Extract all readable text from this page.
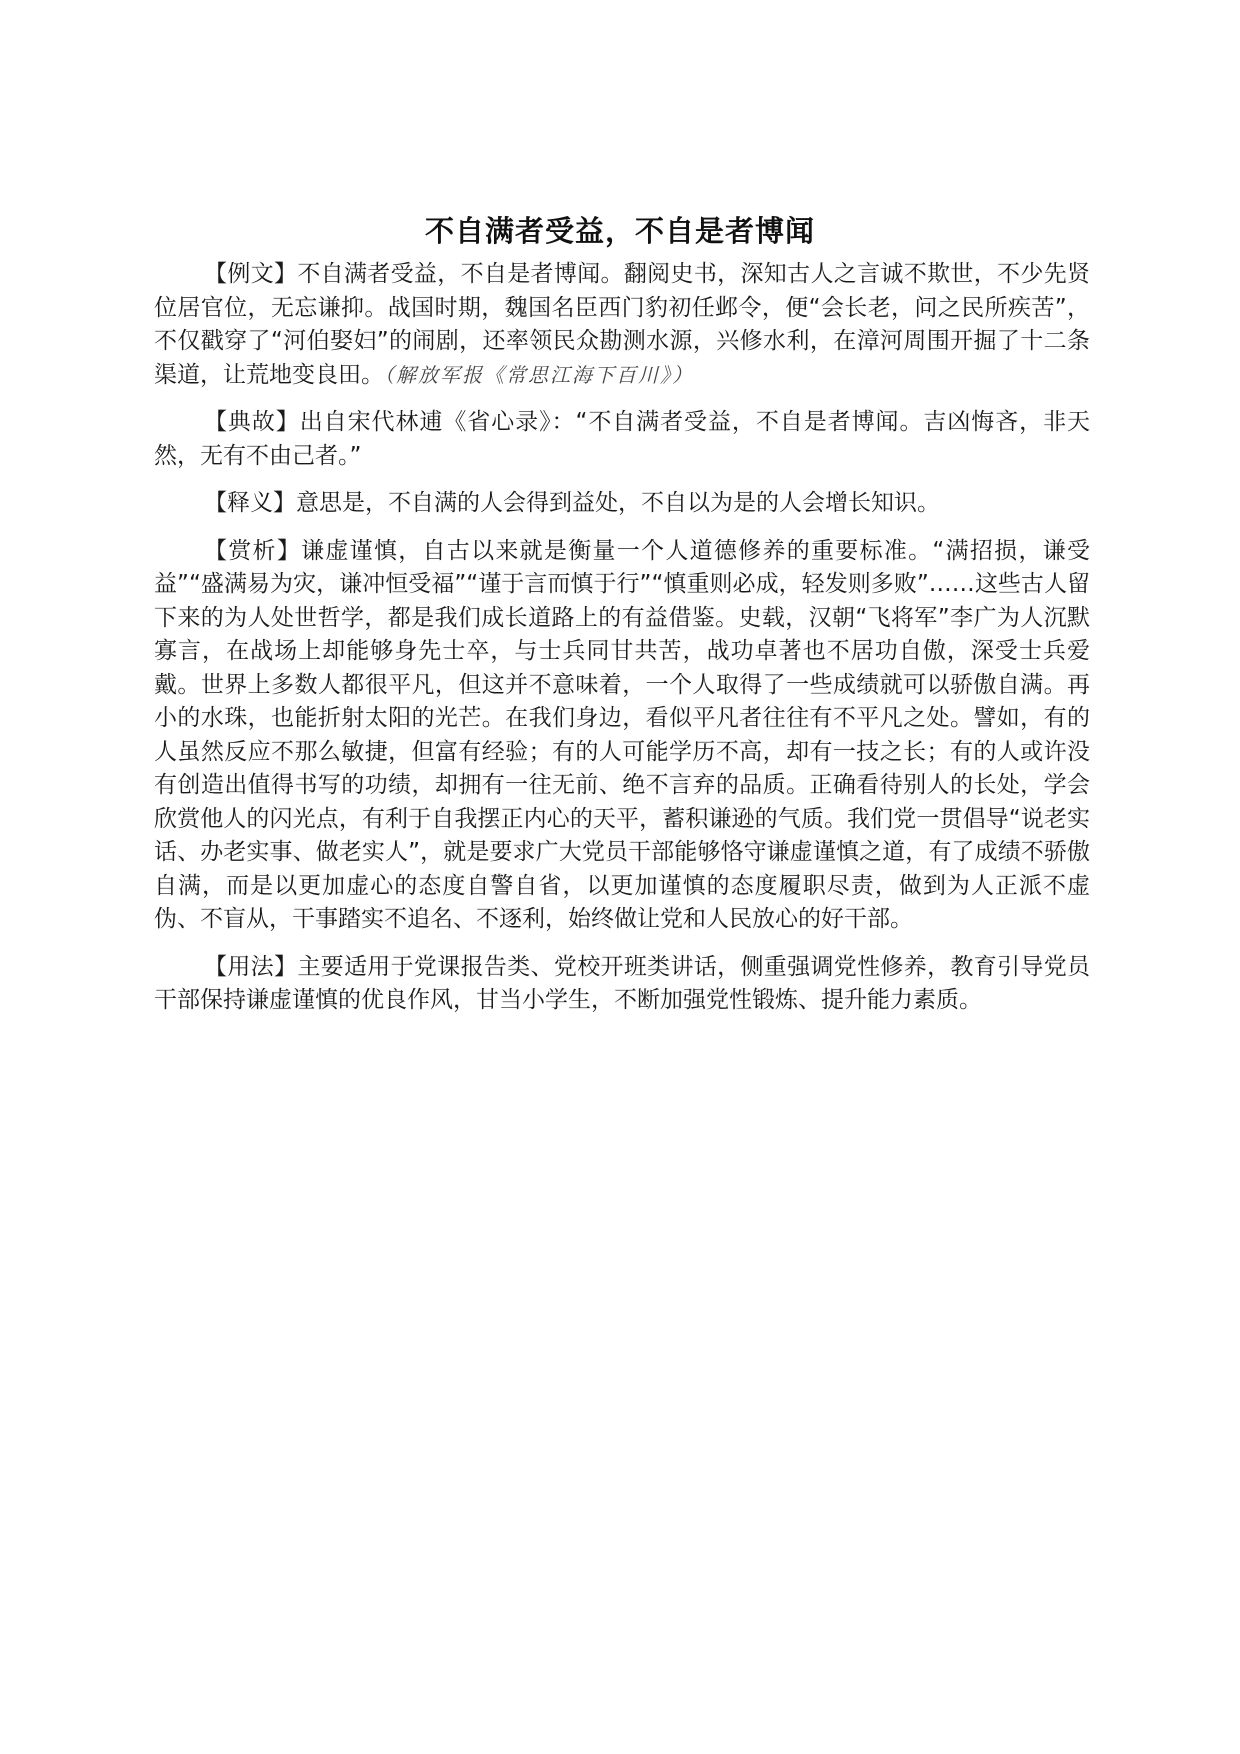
不自满者受益，不自是者博闻

【例文】不自满者受益，不自是者博闻。翻阅史书，深知古人之言诚不欺世，不少先贤位居官位，无忘谦抑。战国时期，魏国名臣西门豹初任邺令，便“会长老，问之民所疾苦”，不仅戳穿了“河伯娶妇”的闹剧，还率领民众勘测水源，兴修水利，在漳河周围开掘了十二条渠道，让荒地变良田。（解放军报《常思江海下百川》）

【典故】出自宋代林逋《省心录》：“不自满者受益，不自是者博闻。吉凶悔吝，非天然，无有不由己者。”

【释义】意思是，不自满的人会得到益处，不自以为是的人会增长知识。

【赏析】谦虚谨慎，自古以来就是衡量一个人道德修养的重要标准。“满招损，谦受益”“盛满易为灾，谦冲恒受福”“谨于言而慎于行”“慎重则必成，轻发则多败”……这些古人留下来的为人处世哲学，都是我们成长道路上的有益借鉴。史载，汉朝“飞将军”李广为人沉默寡言，在战场上却能够身先士卒，与士兵同甘共苦，战功卓著也不居功自傲，深受士兵爱戴。世界上多数人都很平凡，但这并不意味着，一个人取得了一些成绩就可以骄傲自满。再小的水珠，也能折射太阳的光芒。在我们身边，看似平凡者往往有不平凡之处。譬如，有的人虽然反应不那么敏捷，但富有经验；有的人可能学历不高，却有一技之长；有的人或许没有创造出值得书写的功绩，却拥有一往无前、绝不言弃的品质。正确看待别人的长处，学会欣赏他人的闪光点，有利于自我摆正内心的天平，蓄积谦逊的气质。我们党一贯倡导“说老实话、办老实事、做老实人”，就是要求广大党员干部能够恪守谦虚谨慎之道，有了成绩不骄傲自满，而是以更加虚心的态度自警自省，以更加谨慎的态度履职尽责，做到为人正派不虚伪、不盲从，干事踏实不追名、不逐利，始终做让党和人民放心的好干部。

【用法】主要适用于党课报告类、党校开班类讲话，侧重强调党性修养，教育引导党员干部保持谦虚谨慎的优良作风，甘当小学生，不断加强党性锻炼、提升能力素质。
